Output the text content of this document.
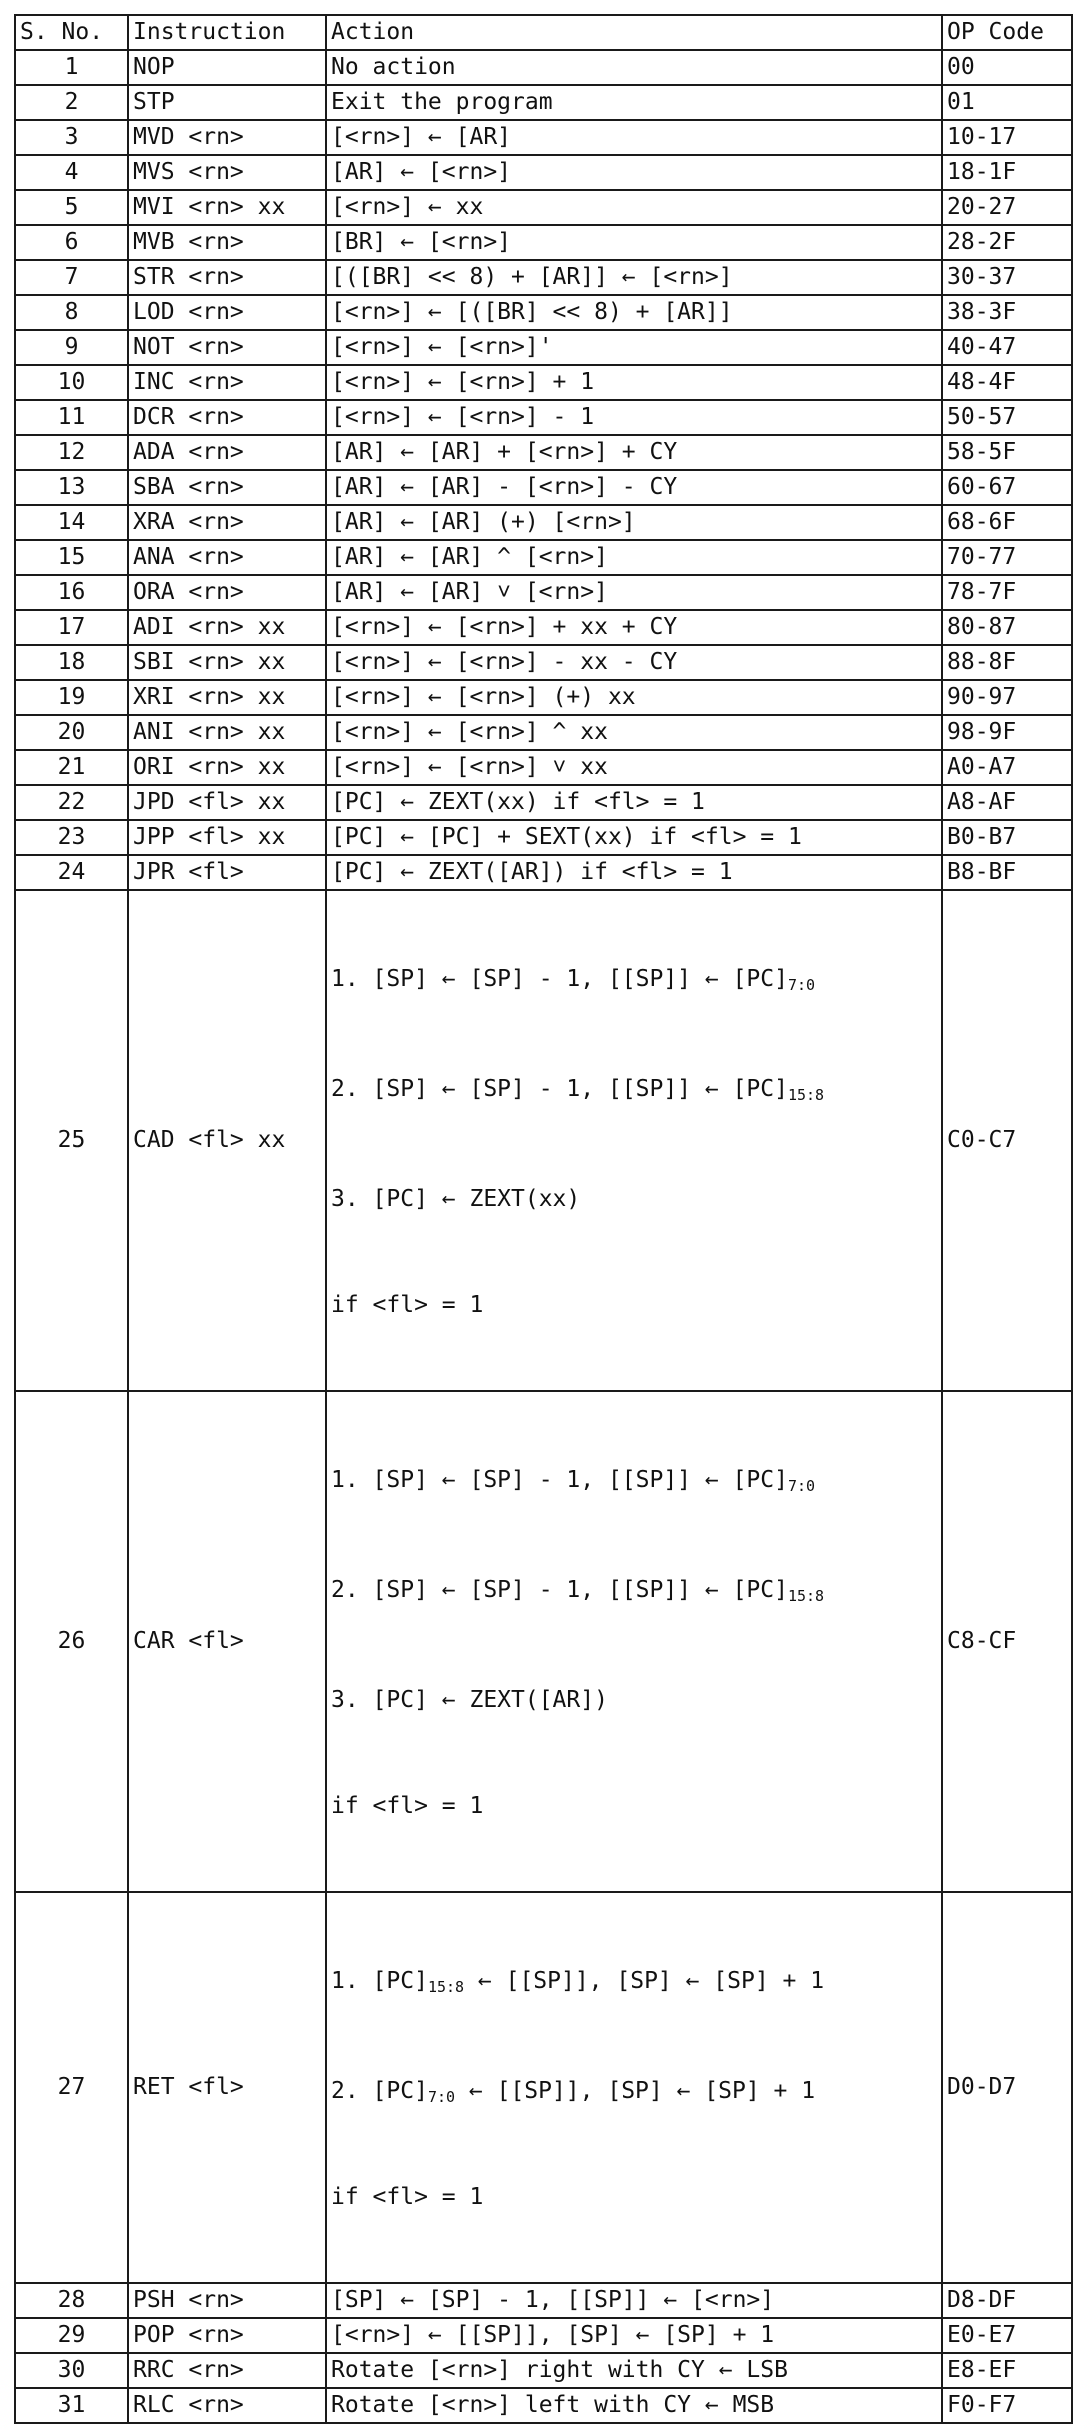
S. No.	Instruction	Action	OP Code
1	NOP	No action	00
2	STP	Exit the program	01
3	MVD <rn>	[<rn>] ← [AR]	10-17
4	MVS <rn>	[AR] ← [<rn>]	18-1F
5	MVI <rn> xx	[<rn>] ← xx	20-27
6	MVB <rn>	[BR] ← [<rn>]	28-2F
7	STR <rn>	[([BR] << 8) + [AR]] ← [<rn>]	30-37
8	LOD <rn>	[<rn>] ← [([BR] << 8) + [AR]]	38-3F
9	NOT <rn>	[<rn>] ← [<rn>]'	40-47
10	INC <rn>	[<rn>] ← [<rn>] + 1	48-4F
11	DCR <rn>	[<rn>] ← [<rn>] - 1	50-57
12	ADA <rn>	[AR] ← [AR] + [<rn>] + CY	58-5F
13	SBA <rn>	[AR] ← [AR] - [<rn>] - CY	60-67
14	XRA <rn>	[AR] ← [AR] (+) [<rn>]	68-6F
15	ANA <rn>	[AR] ← [AR] ^ [<rn>]	70-77
16	ORA <rn>	[AR] ← [AR] ˅ [<rn>]	78-7F
17	ADI <rn> xx	[<rn>] ← [<rn>] + xx + CY	80-87
18	SBI <rn> xx	[<rn>] ← [<rn>] - xx - CY	88-8F
19	XRI <rn> xx	[<rn>] ← [<rn>] (+) xx	90-97
20	ANI <rn> xx	[<rn>] ← [<rn>] ^ xx	98-9F
21	ORI <rn> xx	[<rn>] ← [<rn>] ˅ xx	A0-A7
22	JPD <fl> xx	[PC] ← ZEXT(xx) if <fl> = 1	A8-AF
23	JPP <fl> xx	[PC] ← [PC] + SEXT(xx) if <fl> = 1	B0-B7
24	JPR <fl>	[PC] ← ZEXT([AR]) if <fl> = 1	B8-BF
25	CAD <fl> xx	1. [SP] ← [SP] - 1, [[SP]] ← $[PC]_{7:0}$

2. [SP] ← [SP] - 1, [[SP]] ← $[PC]_{15:8}$

3. [PC] ← ZEXT(xx)

if <fl> = 1	C0-C7
26	CAR <fl>	1. [SP] ← [SP] - 1, [[SP]] ← $[PC]_{7:0}$

2. [SP] ← [SP] - 1, [[SP]] ← $[PC]_{15:8}$

3. [PC] ← ZEXT([AR])

if <fl> = 1	C8-CF
27	RET <fl>	1. $[PC]_{15:8}$ ← [[SP]], [SP] ← [SP] + 1

2. $[PC]_{7:0}$ ← [[SP]], [SP] ← [SP] + 1

if <fl> = 1	D0-D7
28	PSH <rn>	[SP] ← [SP] - 1, [[SP]] ← [<rn>]	D8-DF
29	POP <rn>	[<rn>] ← [[SP]], [SP] ← [SP] + 1	E0-E7
30	RRC <rn>	Rotate [<rn>] right with CY ← LSB	E8-EF
31	RLC <rn>	Rotate [<rn>] left with CY ← MSB	F0-F7
